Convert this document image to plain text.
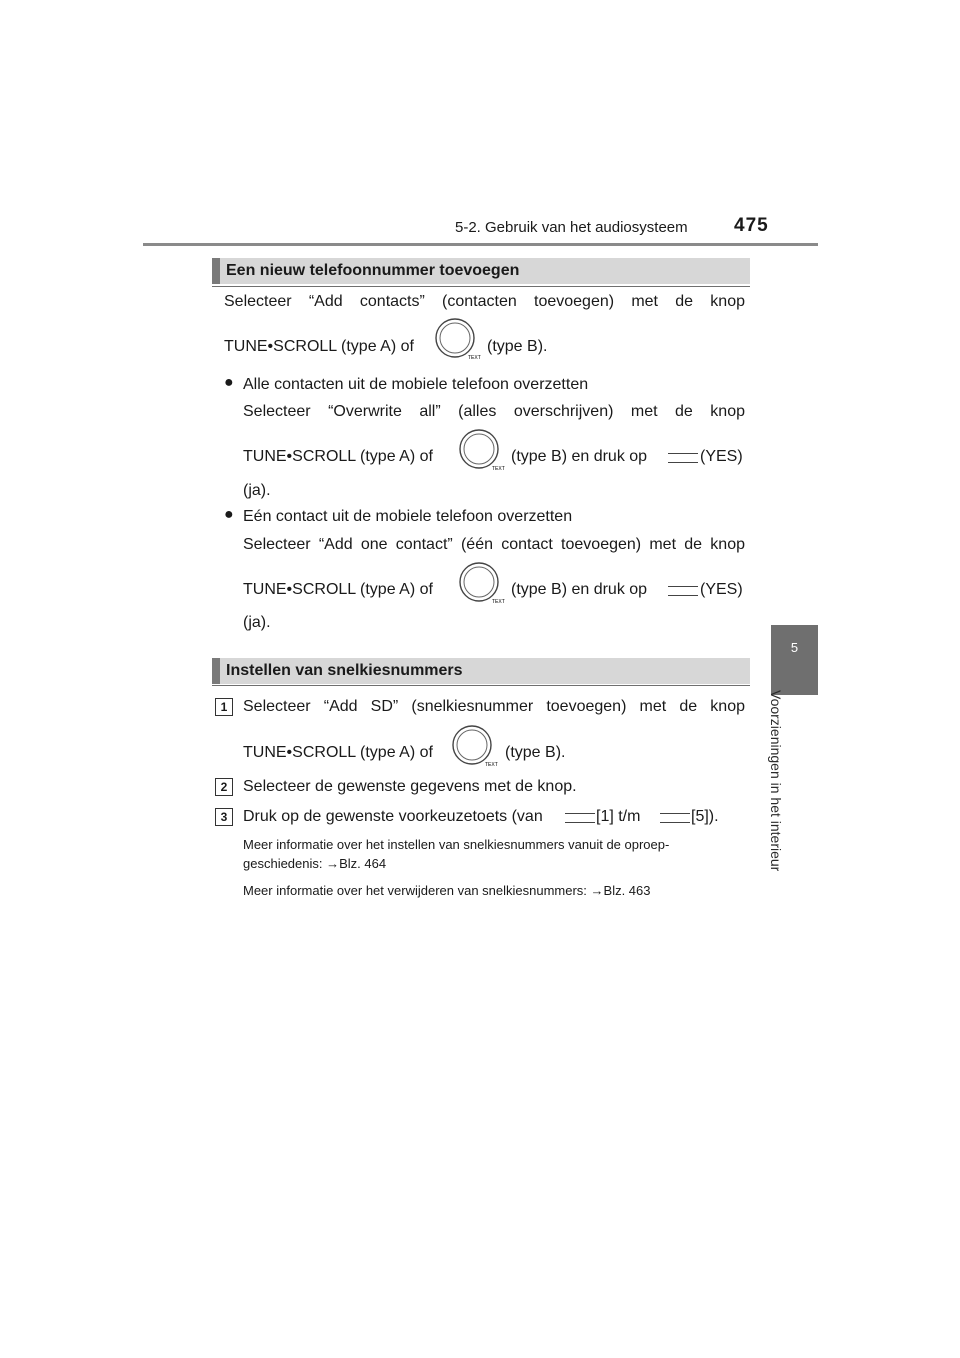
5-2. Gebruik van het audiosysteem 475
5
Voorzieningen in het interieur
Een nieuw telefoonnummer toevoegen
Selecteer “Add contacts” (contacten toevoegen) met de knop
TUNE•SCROLL (type A) of
TEXT
(type B).
● Alle contacten uit de mobiele telefoon overzetten
Selecteer “Overwrite all” (alles overschrijven) met de knop
TUNE•SCROLL (type A) of
TEXT
(type B) en druk op	(YES)
(ja).
● Eén contact uit de mobiele telefoon overzetten
Selecteer “Add one contact” (één contact toevoegen) met de knop
TUNE•SCROLL (type A) of
TEXT
(type B) en druk op	(YES)
(ja).
Instellen van snelkiesnummers
1 Selecteer “Add SD” (snelkiesnummer toevoegen) met de knop
TUNE•SCROLL (type A) of
TEXT
(type B).
2 Selecteer de gewenste gegevens met de knop.
3 Druk op de gewenste voorkeuzetoets (van	[1] t/m	[5]).
Meer informatie over het instellen van snelkiesnummers vanuit de oproep-
geschiedenis: →Blz. 464
Meer informatie over het verwijderen van snelkiesnummers: →Blz. 463
